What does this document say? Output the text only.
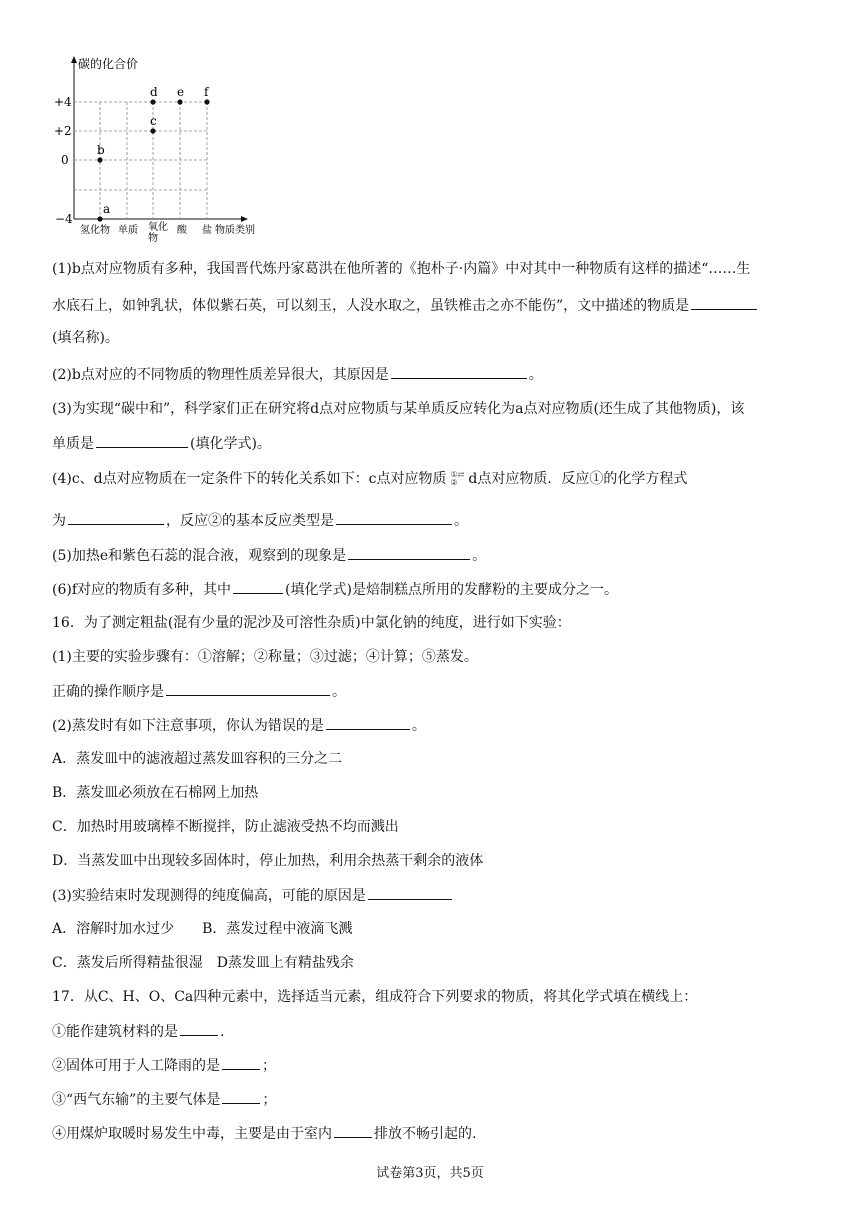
碳的化合价
物质类别
+4
+2
0
−4
氢化物 单质 氧化
物
酸 盐
a
b
c
d e f
(1)b点对应物质有多种，我国晋代炼丹家葛洪在他所著的《抱朴子·内篇》中对其中一种物质有这样的描述“……生
水底石上，如钟乳状，体似紫石英，可以刻玉，人没水取之，虽铁椎击之亦不能伤”，文中描述的物质是
(填名称)。
(2)b点对应的不同物质的物理性质差异很大，其原因是	。
(3)为实现“碳中和”，科学家们正在研究将d点对应物质与某单质反应转化为a点对应物质(还生成了其他物质)，该
单质是	(填化学式)。
(4)c、d点对应物质在一定条件下的转化关系如下：c点对应物质 ①⇄
② d点对应物质．反应①的化学方程式
为	，反应②的基本反应类型是	。
(5)加热e和紫色石蕊的混合液，观察到的现象是	。
(6)f对应的物质有多种，其中	(填化学式)是焙制糕点所用的发酵粉的主要成分之一。
16．为了测定粗盐(混有少量的泥沙及可溶性杂质)中氯化钠的纯度，进行如下实验：
(1)主要的实验步骤有：①溶解；②称量；③过滤；④计算；⑤蒸发。
正确的操作顺序是	。
(2)蒸发时有如下注意事项，你认为错误的是	。
A．蒸发皿中的滤液超过蒸发皿容积的三分之二
B．蒸发皿必须放在石棉网上加热
C．加热时用玻璃棒不断搅拌，防止滤液受热不均而溅出
D．当蒸发皿中出现较多固体时，停止加热，利用余热蒸干剩余的液体
(3)实验结束时发现测得的纯度偏高，可能的原因是
A．溶解时加水过少　　B．蒸发过程中液滴飞溅
C．蒸发后所得精盐很湿　D蒸发皿上有精盐残余
17．从C、H、O、Ca四种元素中，选择适当元素，组成符合下列要求的物质，将其化学式填在横线上：
①能作建筑材料的是	.
②固体可用于人工降雨的是	；
③“西气东输”的主要气体是	；
④用煤炉取暖时易发生中毒，主要是由于室内	排放不畅引起的.
试卷第3页，共5页
